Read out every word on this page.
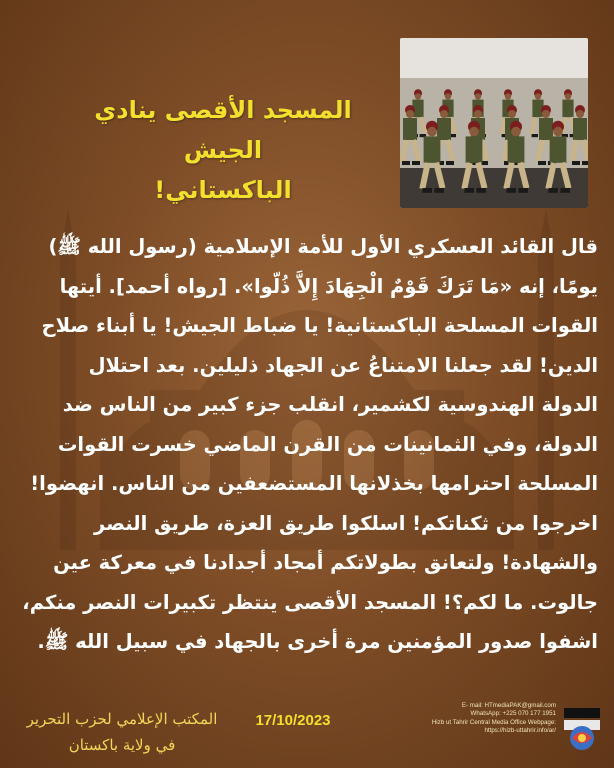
المسجد الأقصى ينادي الجيش
الباكستاني!
قال القائد العسكري الأول للأمة الإسلامية (رسول الله ﷺ)
يومًا، إنه «مَا تَرَكَ قَوْمٌ الْجِهَادَ إِلاَّ ذُلّوا». [رواه أحمد]. أيتها
القوات المسلحة الباكستانية! يا ضباط الجيش! يا أبناء صلاح
الدين! لقد جعلنا الامتناعُ عن الجهاد ذليلين. بعد احتلال
الدولة الهندوسية لكشمير، انقلب جزء كبير من الناس ضد
الدولة، وفي الثمانينات من القرن الماضي خسرت القوات
المسلحة احترامها بخذلانها المستضعفين من الناس. انهضوا!
اخرجوا من ثكناتكم! اسلكوا طريق العزة، طريق النصر
والشهادة! ولتعانق بطولاتكم أمجاد أجدادنا في معركة عين
جالوت. ما لكم؟! المسجد الأقصى ينتظر تكبيرات النصر منكم،
اشفوا صدور المؤمنين مرة أخرى بالجهاد في سبيل الله ﷺ.
المكتب الإعلامي لحزب التحرير
في ولاية باكستان
17/10/2023
E- mail: HTmediaPAK@gmail.com
WhatsApp: +225 070 177 1951
Hizb ut Tahrir Central Media Office Webpage:
https://hizb-uttahrir.info/ar/
